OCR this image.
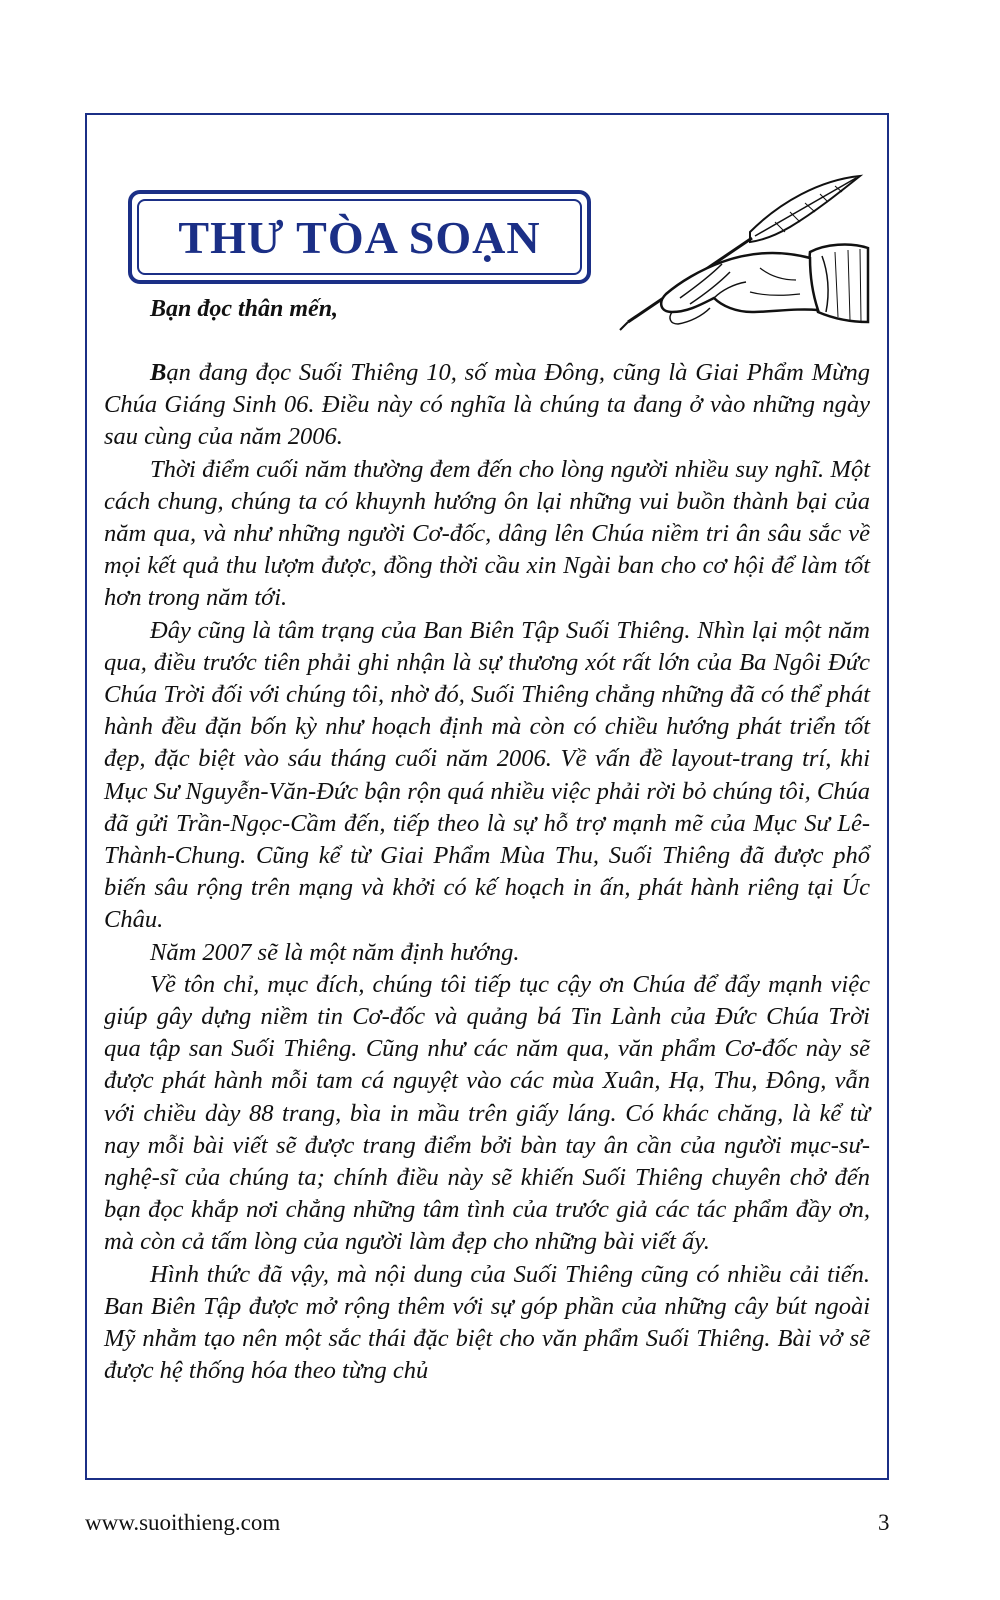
THƯ TÒA SOẠN
Bạn đọc thân mến,

Bạn đang đọc Suối Thiêng 10, số mùa Đông, cũng là Giai Phẩm Mừng Chúa Giáng Sinh 06. Điều này có nghĩa là chúng ta đang ở vào những ngày sau cùng của năm 2006.

Thời điểm cuối năm thường đem đến cho lòng người nhiều suy nghĩ. Một cách chung, chúng ta có khuynh hướng ôn lại những vui buồn thành bại của năm qua, và như những người Cơ-đốc, dâng lên Chúa niềm tri ân sâu sắc về mọi kết quả thu lượm được, đồng thời cầu xin Ngài ban cho cơ hội để làm tốt hơn trong năm tới.

Đây cũng là tâm trạng của Ban Biên Tập Suối Thiêng. Nhìn lại một năm qua, điều trước tiên phải ghi nhận là sự thương xót rất lớn của Ba Ngôi Đức Chúa Trời đối với chúng tôi, nhờ đó, Suối Thiêng chẳng những đã có thể phát hành đều đặn bốn kỳ như hoạch định mà còn có chiều hướng phát triển tốt đẹp, đặc biệt vào sáu tháng cuối năm 2006. Về vấn đề layout-trang trí, khi Mục Sư Nguyễn-Văn-Đức bận rộn quá nhiều việc phải rời bỏ chúng tôi, Chúa đã gửi Trần-Ngọc-Cầm đến, tiếp theo là sự hỗ trợ mạnh mẽ của Mục Sư Lê-Thành-Chung. Cũng kể từ Giai Phẩm Mùa Thu, Suối Thiêng đã được phổ biến sâu rộng trên mạng và khởi có kế hoạch in ấn, phát hành riêng tại Úc Châu.

Năm 2007 sẽ là một năm định hướng.

Về tôn chỉ, mục đích, chúng tôi tiếp tục cậy ơn Chúa để đẩy mạnh việc giúp gây dựng niềm tin Cơ-đốc và quảng bá Tin Lành của Đức Chúa Trời qua tập san Suối Thiêng. Cũng như các năm qua, văn phẩm Cơ-đốc này sẽ được phát hành mỗi tam cá nguyệt vào các mùa Xuân, Hạ, Thu, Đông, vẫn với chiều dày 88 trang, bìa in mầu trên giấy láng. Có khác chăng, là kể từ nay mỗi bài viết sẽ được trang điểm bởi bàn tay ân cần của người mục-sư-nghệ-sĩ của chúng ta; chính điều này sẽ khiến Suối Thiêng chuyên chở đến bạn đọc khắp nơi chẳng những tâm tình của trước giả các tác phẩm đầy ơn, mà còn cả tấm lòng của người làm đẹp cho những bài viết ấy.

Hình thức đã vậy, mà nội dung của Suối Thiêng cũng có nhiều cải tiến. Ban Biên Tập được mở rộng thêm với sự góp phần của những cây bút ngoài Mỹ nhằm tạo nên một sắc thái đặc biệt cho văn phẩm Suối Thiêng. Bài vở sẽ được hệ thống hóa theo từng chủ

www.suoithieng.com	3
